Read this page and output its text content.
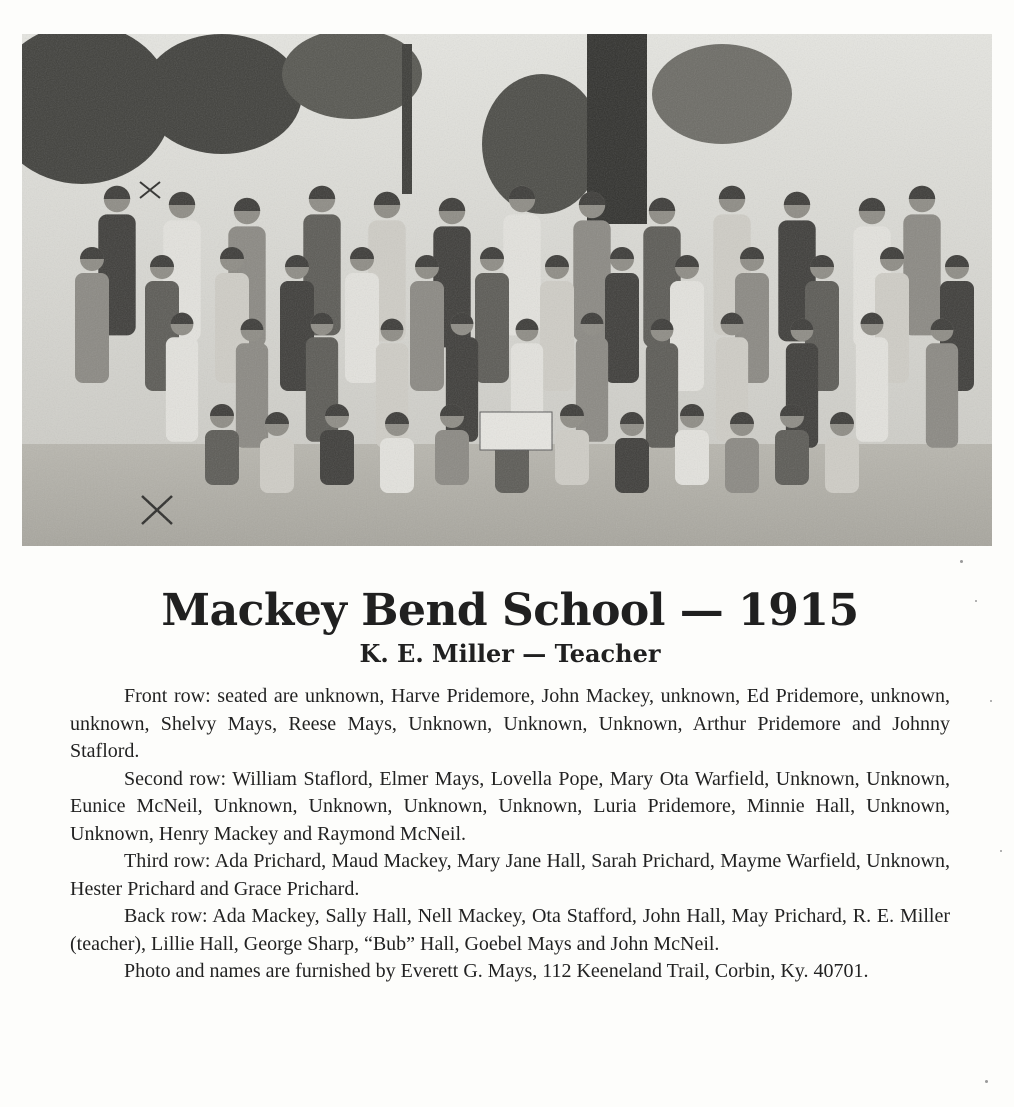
Mackey Bend School — 1915
K. E. Miller — Teacher

Front row: seated are unknown, Harve Pridemore, John Mackey, unknown, Ed Pridemore, unknown, unknown, Shelvy Mays, Reese Mays, Unknown, Unknown, Unknown, Arthur Pridemore and Johnny Staflord.

Second row: William Staflord, Elmer Mays, Lovella Pope, Mary Ota Warfield, Unknown, Unknown, Eunice McNeil, Unknown, Unknown, Unknown, Unknown, Luria Pridemore, Minnie Hall, Unknown, Unknown, Henry Mackey and Raymond McNeil.

Third row: Ada Prichard, Maud Mackey, Mary Jane Hall, Sarah Prichard, Mayme Warfield, Unknown, Hester Prichard and Grace Prichard.

Back row: Ada Mackey, Sally Hall, Nell Mackey, Ota Stafford, John Hall, May Prichard, R. E. Miller (teacher), Lillie Hall, George Sharp, “Bub” Hall, Goebel Mays and John McNeil.

Photo and names are furnished by Everett G. Mays, 112 Keeneland Trail, Corbin, Ky. 40701.
